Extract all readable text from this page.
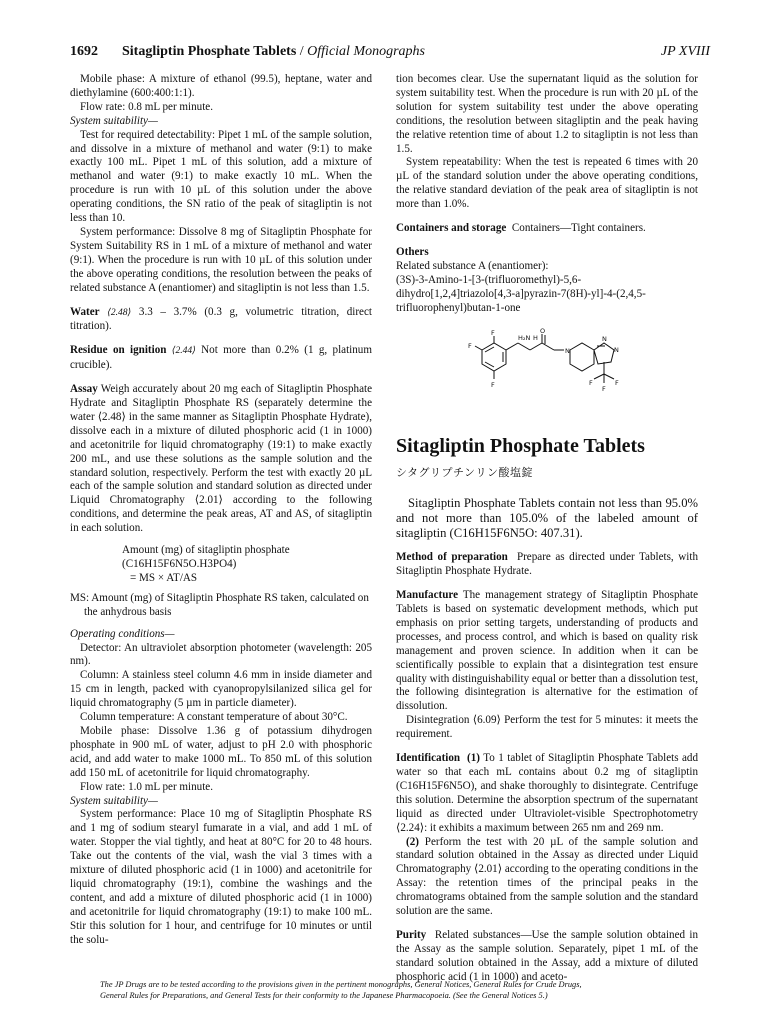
1692 Sitagliptin Phosphate Tablets / Official Monographs	JP XVIII

Mobile phase: A mixture of ethanol (99.5), heptane, water and diethylamine (600:400:1:1).

Flow rate: 0.8 mL per minute.

System suitability—

Test for required detectability: Pipet 1 mL of the sample solution, and dissolve in a mixture of methanol and water (9:1) to make exactly 100 mL. Pipet 1 mL of this solution, add a mixture of methanol and water (9:1) to make exactly 10 mL. When the procedure is run with 10 µL of this solution under the above operating conditions, the SN ratio of the peak of sitagliptin is not less than 10.

System performance: Dissolve 8 mg of Sitagliptin Phosphate for System Suitability RS in 1 mL of a mixture of methanol and water (9:1). When the procedure is run with 10 µL of this solution under the above operating conditions, the resolution between the peaks of related substance A (enantiomer) and sitagliptin is not less than 1.5.

Water ⟨2.48⟩ 3.3 – 3.7% (0.3 g, volumetric titration, direct titration).

Residue on ignition ⟨2.44⟩ Not more than 0.2% (1 g, platinum crucible).

Assay Weigh accurately about 20 mg each of Sitagliptin Phosphate Hydrate and Sitagliptin Phosphate RS (separately determine the water ⟨2.48⟩ in the same manner as Sitagliptin Phosphate Hydrate), dissolve each in a mixture of diluted phosphoric acid (1 in 1000) and acetonitrile for liquid chromatography (19:1) to make exactly 200 mL, and use these solutions as the sample solution and the standard solution, respectively. Perform the test with exactly 20 µL each of the sample solution and standard solution as directed under Liquid Chromatography ⟨2.01⟩ according to the following conditions, and determine the peak areas, AT and AS, of sitagliptin in each solution.

Amount (mg) of sitagliptin phosphate
(C16H15F6N5O.H3PO4)
= MS × AT/AS

MS: Amount (mg) of Sitagliptin Phosphate RS taken, calculated on the anhydrous basis

Operating conditions—

Detector: An ultraviolet absorption photometer (wavelength: 205 nm).

Column: A stainless steel column 4.6 mm in inside diameter and 15 cm in length, packed with cyanopropylsilanized silica gel for liquid chromatography (5 µm in particle diameter).

Column temperature: A constant temperature of about 30°C.

Mobile phase: Dissolve 1.36 g of potassium dihydrogen phosphate in 900 mL of water, adjust to pH 2.0 with phosphoric acid, and add water to make 1000 mL. To 850 mL of this solution add 150 mL of acetonitrile for liquid chromatography.

Flow rate: 1.0 mL per minute.

System suitability—

System performance: Place 10 mg of Sitagliptin Phosphate RS and 1 mg of sodium stearyl fumarate in a vial, and add 1 mL of water. Stopper the vial tightly, and heat at 80°C for 20 to 48 hours. Take out the contents of the vial, wash the vial 3 times with a mixture of diluted phosphoric acid (1 in 1000) and acetonitrile for liquid chromatography (19:1), combine the washings and the content, and add a mixture of diluted phosphoric acid (1 in 1000) and acetonitrile for liquid chromatography (19:1) to make 100 mL. Stir this solution for 1 hour, and centrifuge for 10 minutes or until the solu-

tion becomes clear. Use the supernatant liquid as the solution for system suitability test. When the procedure is run with 20 µL of the solution for system suitability test under the above operating conditions, the resolution between sitagliptin and the peak having the relative retention time of about 1.2 to sitagliptin is not less than 1.5.

System repeatability: When the test is repeated 6 times with 20 µL of the standard solution under the above operating conditions, the relative standard deviation of the peak area of sitagliptin is not more than 1.0%.

Containers and storage Containers—Tight containers.

Others

Related substance A (enantiomer):

(3S)-3-Amino-1-[3-(trifluoromethyl)-5,6-dihydro[1,2,4]triazolo[4,3-a]pyrazin-7(8H)-yl]-4-(2,4,5-trifluorophenyl)butan-1-one

F
F
F
H₂N H
O
N
N
N
F	F
F
Sitagliptin Phosphate Tablets
シタグリプチンリン酸塩錠

Sitagliptin Phosphate Tablets contain not less than 95.0% and not more than 105.0% of the labeled amount of sitagliptin (C16H15F6N5O: 407.31).

Method of preparation Prepare as directed under Tablets, with Sitagliptin Phosphate Hydrate.

Manufacture The management strategy of Sitagliptin Phosphate Tablets is based on systematic development methods, which put emphasis on prior setting targets, understanding of products and processes, and process control, and which is based on quality risk management and proven science. In addition when it can be scientifically possible to explain that a disintegration test ensure quality with distinguishability equal or better than a dissolution test, the following disintegration is alternative for the estimation of dissolution.

Disintegration ⟨6.09⟩ Perform the test for 5 minutes: it meets the requirement.

Identification (1) To 1 tablet of Sitagliptin Phosphate Tablets add water so that each mL contains about 0.2 mg of sitagliptin (C16H15F6N5O), and shake thoroughly to disintegrate. Centrifuge this solution. Determine the absorption spectrum of the supernatant liquid as directed under Ultraviolet-visible Spectrophotometry ⟨2.24⟩: it exhibits a maximum between 265 nm and 269 nm.

(2) Perform the test with 20 µL of the sample solution and standard solution obtained in the Assay as directed under Liquid Chromatography ⟨2.01⟩ according to the operating conditions in the Assay: the retention times of the principal peaks in the chromatograms obtained from the sample solution and the standard solution are the same.

Purity Related substances—Use the sample solution obtained in the Assay as the sample solution. Separately, pipet 1 mL of the standard solution obtained in the Assay, add a mixture of diluted phosphoric acid (1 in 1000) and aceto-

The JP Drugs are to be tested according to the provisions given in the pertinent monographs, General Notices, General Rules for Crude Drugs,
General Rules for Preparations, and General Tests for their conformity to the Japanese Pharmacopoeia. (See the General Notices 5.)
